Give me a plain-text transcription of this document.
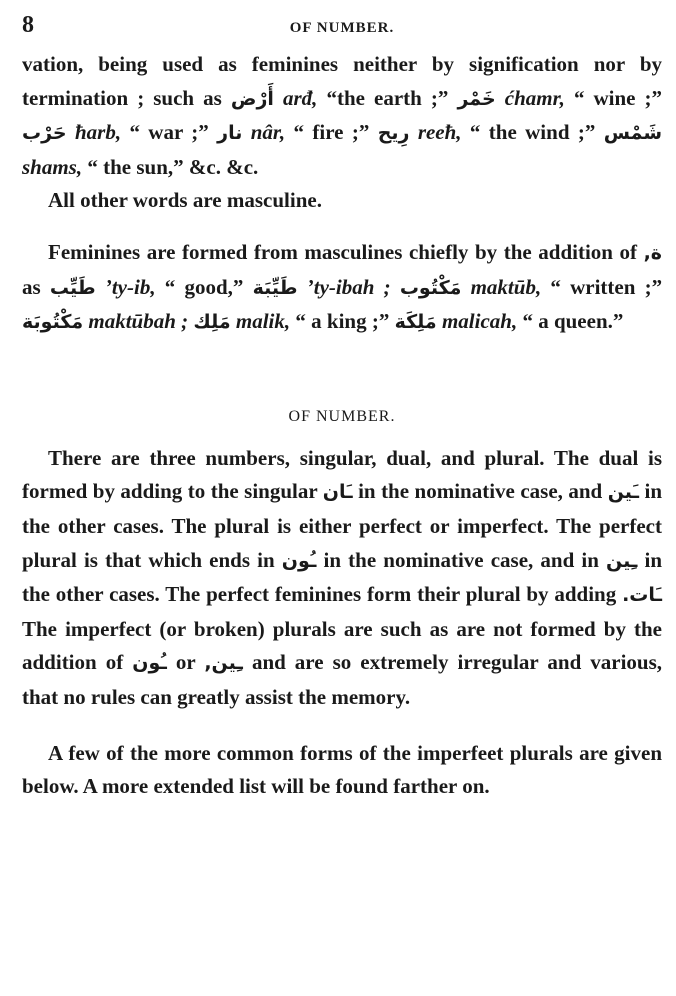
8	OF NUMBER.

vation, being used as feminines neither by signification nor by termination ; such as أَرْض arđ, “the earth ;” خَمْر ćhamr, “ wine ;” حَرْب ħarb, “ war ;” نار nâr, “ fire ;” رِيح reeħ, “ the wind ;” شَمْس shams, “ the sun,” &c. &c.

All other words are masculine.

Feminines are formed from masculines chiefly by the addition of ة, as طَيِّب ’ty-ib, “ good,” طَيِّبَة ’ty-ibah ; مَكْتُوب maktūb, “ written ;” مَكْتُوبَة maktūbah ; مَلِك malik, “ a king ;” مَلِكَة malicah, “ a queen.”

OF NUMBER.

There are three numbers, singular, dual, and plural. The dual is formed by adding to the singular ـَان in the nominative case, and ـَين in the other cases. The plural is either perfect or imperfect. The perfect plural is that which ends in ـُون in the nominative case, and in ـِين in the other cases. The perfect feminines form their plural by adding ـَات. The imperfect (or broken) plurals are such as are not formed by the addition of ـُون or ـِين, and are so extremely irregular and various, that no rules can greatly assist the memory.

A few of the more common forms of the imperfeet plurals are given below. A more extended list will be found farther on.
